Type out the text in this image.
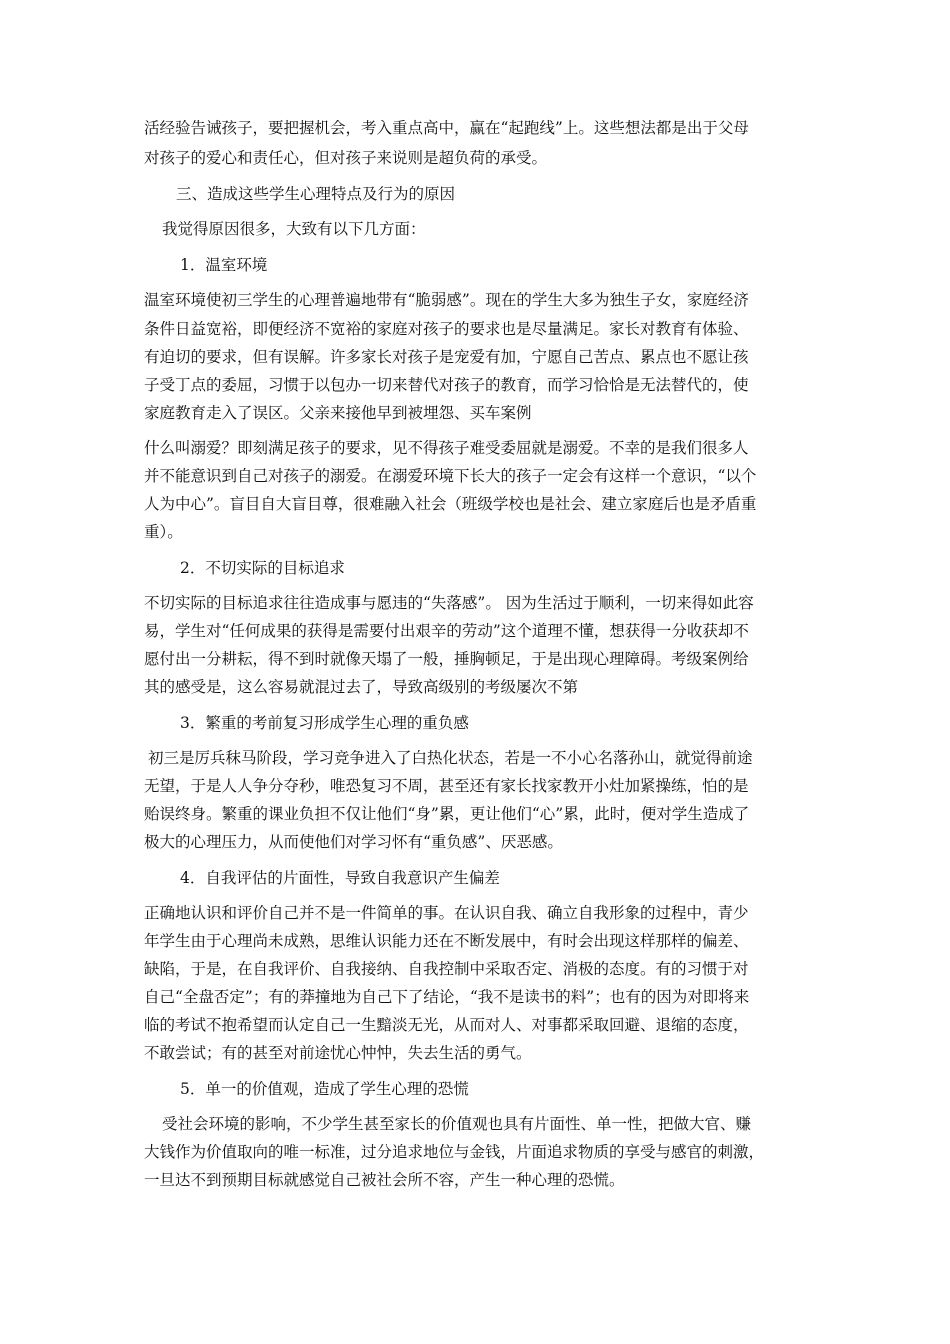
活经验告诫孩子，要把握机会，考入重点高中，赢在“起跑线”上。这些想法都是出于父母
对孩子的爱心和责任心，但对孩子来说则是超负荷的承受。
三、造成这些学生心理特点及行为的原因
我觉得原因很多，大致有以下几方面：
1．温室环境
温室环境使初三学生的心理普遍地带有“脆弱感”。现在的学生大多为独生子女，家庭经济
条件日益宽裕，即便经济不宽裕的家庭对孩子的要求也是尽量满足。家长对教育有体验、
有迫切的要求，但有误解。许多家长对孩子是宠爱有加，宁愿自己苦点、累点也不愿让孩
子受丁点的委屈，习惯于以包办一切来替代对孩子的教育，而学习恰恰是无法替代的，使
家庭教育走入了误区。父亲来接他早到被埋怨、买车案例
什么叫溺爱？即刻满足孩子的要求，见不得孩子难受委屈就是溺爱。不幸的是我们很多人
并不能意识到自己对孩子的溺爱。在溺爱环境下长大的孩子一定会有这样一个意识，“以个
人为中心”。盲目自大盲目尊，很难融入社会（班级学校也是社会、建立家庭后也是矛盾重
重）。
2．不切实际的目标追求
不切实际的目标追求往往造成事与愿违的“失落感”。 因为生活过于顺利，一切来得如此容
易，学生对“任何成果的获得是需要付出艰辛的劳动”这个道理不懂，想获得一分收获却不
愿付出一分耕耘，得不到时就像天塌了一般，捶胸顿足，于是出现心理障碍。考级案例给
其的感受是，这么容易就混过去了，导致高级别的考级屡次不第
3．繁重的考前复习形成学生心理的重负感
初三是厉兵秣马阶段，学习竞争进入了白热化状态，若是一不小心名落孙山，就觉得前途
无望，于是人人争分夺秒，唯恐复习不周，甚至还有家长找家教开小灶加紧操练，怕的是
贻误终身。繁重的课业负担不仅让他们“身”累，更让他们“心”累，此时，便对学生造成了
极大的心理压力，从而使他们对学习怀有“重负感”、厌恶感。
4．自我评估的片面性，导致自我意识产生偏差
正确地认识和评价自己并不是一件简单的事。在认识自我、确立自我形象的过程中，青少
年学生由于心理尚未成熟，思维认识能力还在不断发展中，有时会出现这样那样的偏差、
缺陷，于是，在自我评价、自我接纳、自我控制中采取否定、消极的态度。有的习惯于对
自己“全盘否定”；有的莽撞地为自己下了结论，“我不是读书的料”；也有的因为对即将来
临的考试不抱希望而认定自己一生黯淡无光，从而对人、对事都采取回避、退缩的态度，
不敢尝试；有的甚至对前途忧心忡忡，失去生活的勇气。
5．单一的价值观，造成了学生心理的恐慌
受社会环境的影响，不少学生甚至家长的价值观也具有片面性、单一性，把做大官、赚
大钱作为价值取向的唯一标准，过分追求地位与金钱，片面追求物质的享受与感官的刺激，
一旦达不到预期目标就感觉自己被社会所不容，产生一种心理的恐慌。
